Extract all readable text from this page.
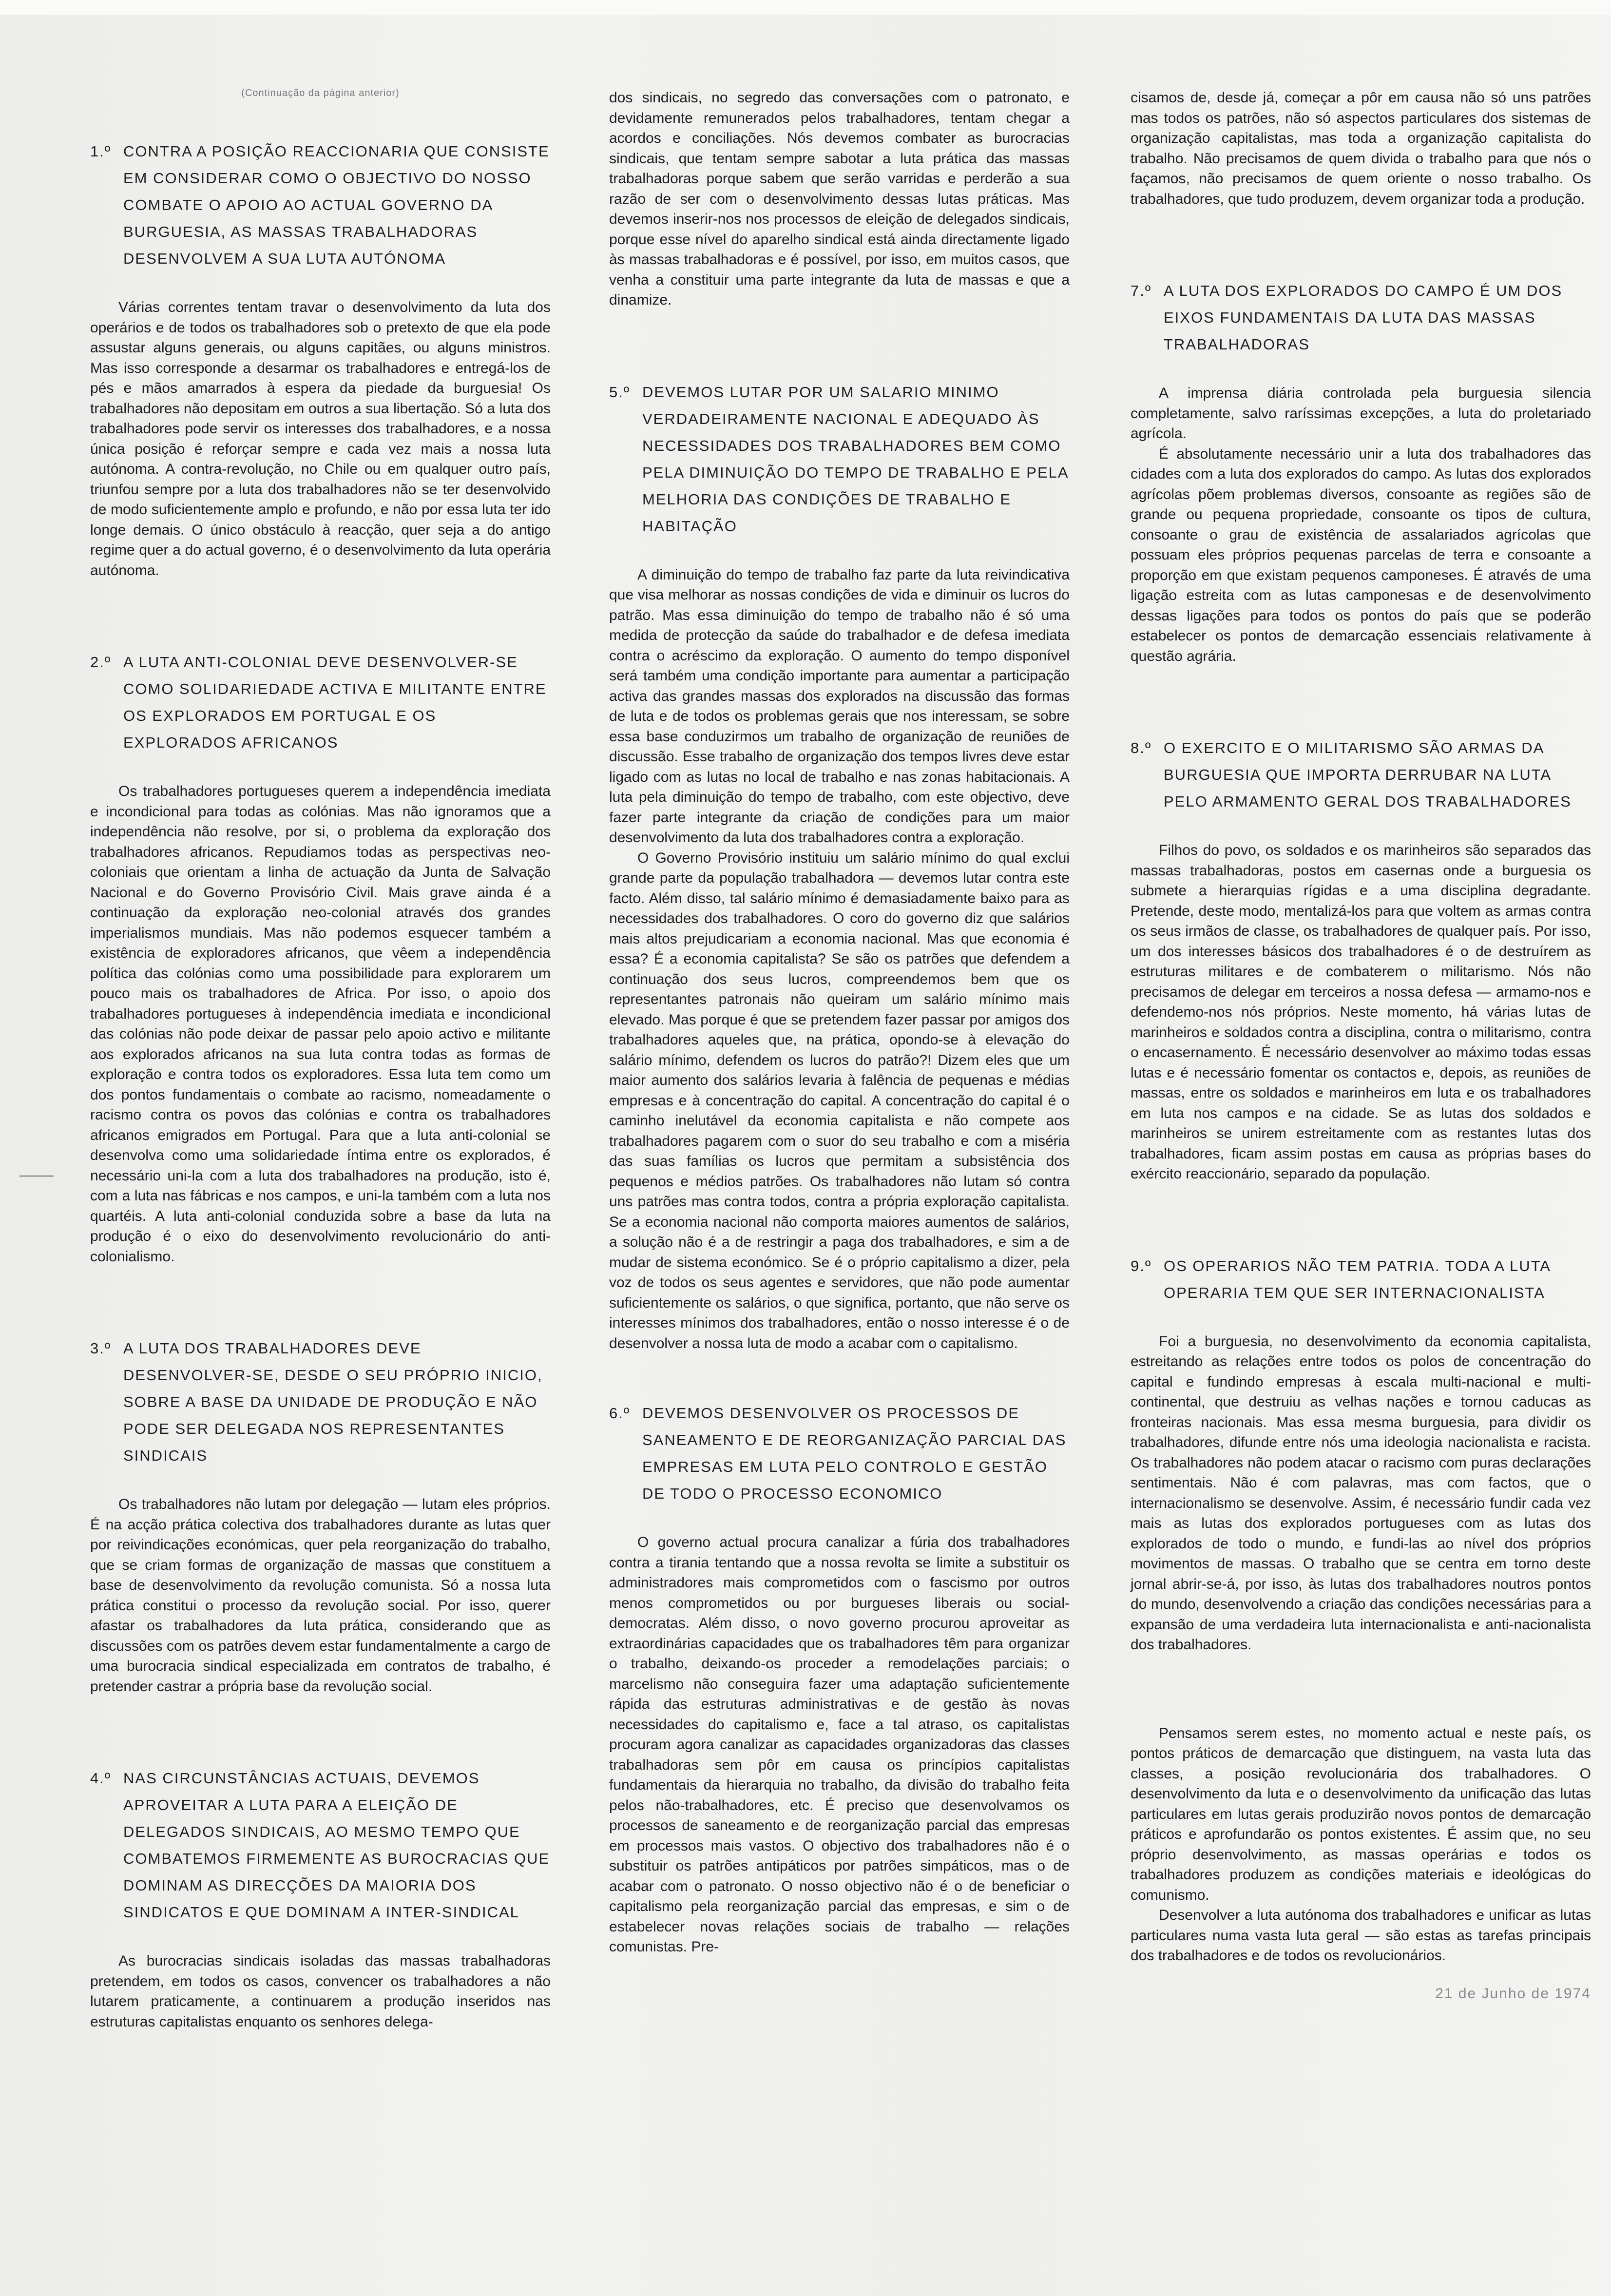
(Continuação da página anterior)

1.º CONTRA A POSIÇÃO REACCIONARIA QUE CONSISTE EM CONSIDERAR COMO O OBJECTIVO DO NOSSO COMBATE O APOIO AO ACTUAL GOVERNO DA BURGUESIA, AS MASSAS TRABALHADORAS DESENVOLVEM A SUA LUTA AUTÓNOMA

Várias correntes tentam travar o desenvolvimento da luta dos operários e de todos os trabalhadores sob o pretexto de que ela pode assustar alguns generais, ou alguns capitães, ou alguns ministros. Mas isso corresponde a desarmar os trabalhadores e entregá-los de pés e mãos amarrados à espera da piedade da burguesia! Os trabalhadores não depositam em outros a sua libertação. Só a luta dos trabalhadores pode servir os interesses dos trabalhadores, e a nossa única posição é reforçar sempre e cada vez mais a nossa luta autónoma. A contra-revolução, no Chile ou em qualquer outro país, triunfou sempre por a luta dos trabalhadores não se ter desenvolvido de modo suficientemente amplo e profundo, e não por essa luta ter ido longe demais. O único obstáculo à reacção, quer seja a do antigo regime quer a do actual governo, é o desenvolvimento da luta operária autónoma.

2.º A LUTA ANTI-COLONIAL DEVE DESENVOLVER-SE COMO SOLIDARIEDADE ACTIVA E MILITANTE ENTRE OS EXPLORADOS EM PORTUGAL E OS EXPLORADOS AFRICANOS

Os trabalhadores portugueses querem a independência imediata e incondicional para todas as colónias. Mas não ignoramos que a independência não resolve, por si, o problema da exploração dos trabalhadores africanos. Repudiamos todas as perspectivas neo-coloniais que orientam a linha de actuação da Junta de Salvação Nacional e do Governo Provisório Civil. Mais grave ainda é a continuação da exploração neo-colonial através dos grandes imperialismos mundiais. Mas não podemos esquecer também a existência de exploradores africanos, que vêem a independência política das colónias como uma possibilidade para explorarem um pouco mais os trabalhadores de Africa. Por isso, o apoio dos trabalhadores portugueses à independência imediata e incondicional das colónias não pode deixar de passar pelo apoio activo e militante aos explorados africanos na sua luta contra todas as formas de exploração e contra todos os exploradores. Essa luta tem como um dos pontos fundamentais o combate ao racismo, nomeadamente o racismo contra os povos das colónias e contra os trabalhadores africanos emigrados em Portugal. Para que a luta anti-colonial se desenvolva como uma solidariedade íntima entre os explorados, é necessário uni-la com a luta dos trabalhadores na produção, isto é, com a luta nas fábricas e nos campos, e uni-la também com a luta nos quartéis. A luta anti-colonial conduzida sobre a base da luta na produção é o eixo do desenvolvimento revolucionário do anti-colonialismo.

3.º A LUTA DOS TRABALHADORES DEVE DESENVOLVER-SE, DESDE O SEU PRÓPRIO INICIO, SOBRE A BASE DA UNIDADE DE PRODUÇÃO E NÃO PODE SER DELEGADA NOS REPRESENTANTES SINDICAIS

Os trabalhadores não lutam por delegação — lutam eles próprios. É na acção prática colectiva dos trabalhadores durante as lutas quer por reivindicações económicas, quer pela reorganização do trabalho, que se criam formas de organização de massas que constituem a base de desenvolvimento da revolução comunista. Só a nossa luta prática constitui o processo da revolução social. Por isso, querer afastar os trabalhadores da luta prática, considerando que as discussões com os patrões devem estar fundamentalmente a cargo de uma burocracia sindical especializada em contratos de trabalho, é pretender castrar a própria base da revolução social.

4.º NAS CIRCUNSTÂNCIAS ACTUAIS, DEVEMOS APROVEITAR A LUTA PARA A ELEIÇÃO DE DELEGADOS SINDICAIS, AO MESMO TEMPO QUE COMBATEMOS FIRMEMENTE AS BUROCRACIAS QUE DOMINAM AS DIRECÇÕES DA MAIORIA DOS SINDICATOS E QUE DOMINAM A INTER-SINDICAL

As burocracias sindicais isoladas das massas trabalhadoras pretendem, em todos os casos, convencer os trabalhadores a não lutarem praticamente, a continuarem a produção inseridos nas estruturas capitalistas enquanto os senhores delega-

dos sindicais, no segredo das conversações com o patronato, e devidamente remunerados pelos trabalhadores, tentam chegar a acordos e conciliações. Nós devemos combater as burocracias sindicais, que tentam sempre sabotar a luta prática das massas trabalhadoras porque sabem que serão varridas e perderão a sua razão de ser com o desenvolvimento dessas lutas práticas. Mas devemos inserir-nos nos processos de eleição de delegados sindicais, porque esse nível do aparelho sindical está ainda directamente ligado às massas trabalhadoras e é possível, por isso, em muitos casos, que venha a constituir uma parte integrante da luta de massas e que a dinamize.

5.º DEVEMOS LUTAR POR UM SALARIO MINIMO VERDADEIRAMENTE NACIONAL E ADEQUADO ÀS NECESSIDADES DOS TRABALHADORES BEM COMO PELA DIMINUIÇÃO DO TEMPO DE TRABALHO E PELA MELHORIA DAS CONDIÇÕES DE TRABALHO E HABITAÇÃO

A diminuição do tempo de trabalho faz parte da luta reivindicativa que visa melhorar as nossas condições de vida e diminuir os lucros do patrão. Mas essa diminuição do tempo de trabalho não é só uma medida de protecção da saúde do trabalhador e de defesa imediata contra o acréscimo da exploração. O aumento do tempo disponível será também uma condição importante para aumentar a participação activa das grandes massas dos explorados na discussão das formas de luta e de todos os problemas gerais que nos interessam, se sobre essa base conduzirmos um trabalho de organização de reuniões de discussão. Esse trabalho de organização dos tempos livres deve estar ligado com as lutas no local de trabalho e nas zonas habitacionais. A luta pela diminuição do tempo de trabalho, com este objectivo, deve fazer parte integrante da criação de condições para um maior desenvolvimento da luta dos trabalhadores contra a exploração.

O Governo Provisório instituiu um salário mínimo do qual exclui grande parte da população trabalhadora — devemos lutar contra este facto. Além disso, tal salário mínimo é demasiadamente baixo para as necessidades dos trabalhadores. O coro do governo diz que salários mais altos prejudicariam a economia nacional. Mas que economia é essa? É a economia capitalista? Se são os patrões que defendem a continuação dos seus lucros, compreendemos bem que os representantes patronais não queiram um salário mínimo mais elevado. Mas porque é que se pretendem fazer passar por amigos dos trabalhadores aqueles que, na prática, opondo-se à elevação do salário mínimo, defendem os lucros do patrão?! Dizem eles que um maior aumento dos salários levaria à falência de pequenas e médias empresas e à concentração do capital. A concentração do capital é o caminho inelutável da economia capitalista e não compete aos trabalhadores pagarem com o suor do seu trabalho e com a miséria das suas famílias os lucros que permitam a subsistência dos pequenos e médios patrões. Os trabalhadores não lutam só contra uns patrões mas contra todos, contra a própria exploração capitalista. Se a economia nacional não comporta maiores aumentos de salários, a solução não é a de restringir a paga dos trabalhadores, e sim a de mudar de sistema económico. Se é o próprio capitalismo a dizer, pela voz de todos os seus agentes e servidores, que não pode aumentar suficientemente os salários, o que significa, portanto, que não serve os interesses mínimos dos trabalhadores, então o nosso interesse é o de desenvolver a nossa luta de modo a acabar com o capitalismo.

6.º DEVEMOS DESENVOLVER OS PROCESSOS DE SANEAMENTO E DE REORGANIZAÇÃO PARCIAL DAS EMPRESAS EM LUTA PELO CONTROLO E GESTÃO DE TODO O PROCESSO ECONOMICO

O governo actual procura canalizar a fúria dos trabalhadores contra a tirania tentando que a nossa revolta se limite a substituir os administradores mais comprometidos com o fascismo por outros menos comprometidos ou por burgueses liberais ou social-democratas. Além disso, o novo governo procurou aproveitar as extraordinárias capacidades que os trabalhadores têm para organizar o trabalho, deixando-os proceder a remodelações parciais; o marcelismo não conseguira fazer uma adaptação suficientemente rápida das estruturas administrativas e de gestão às novas necessidades do capitalismo e, face a tal atraso, os capitalistas procuram agora canalizar as capacidades organizadoras das classes trabalhadoras sem pôr em causa os princípios capitalistas fundamentais da hierarquia no trabalho, da divisão do trabalho feita pelos não-trabalhadores, etc. É preciso que desenvolvamos os processos de saneamento e de reorganização parcial das empresas em processos mais vastos. O objectivo dos trabalhadores não é o substituir os patrões antipáticos por patrões simpáticos, mas o de acabar com o patronato. O nosso objectivo não é o de beneficiar o capitalismo pela reorganização parcial das empresas, e sim o de estabelecer novas relações sociais de trabalho — relações comunistas. Pre-

cisamos de, desde já, começar a pôr em causa não só uns patrões mas todos os patrões, não só aspectos particulares dos sistemas de organização capitalistas, mas toda a organização capitalista do trabalho. Não precisamos de quem divida o trabalho para que nós o façamos, não precisamos de quem oriente o nosso trabalho. Os trabalhadores, que tudo produzem, devem organizar toda a produção.

7.º A LUTA DOS EXPLORADOS DO CAMPO É UM DOS EIXOS FUNDAMENTAIS DA LUTA DAS MASSAS TRABALHADORAS

A imprensa diária controlada pela burguesia silencia completamente, salvo raríssimas excepções, a luta do proletariado agrícola.

É absolutamente necessário unir a luta dos trabalhadores das cidades com a luta dos explorados do campo. As lutas dos explorados agrícolas põem problemas diversos, consoante as regiões são de grande ou pequena propriedade, consoante os tipos de cultura, consoante o grau de existência de assalariados agrícolas que possuam eles próprios pequenas parcelas de terra e consoante a proporção em que existam pequenos camponeses. É através de uma ligação estreita com as lutas camponesas e de desenvolvimento dessas ligações para todos os pontos do país que se poderão estabelecer os pontos de demarcação essenciais relativamente à questão agrária.

8.º O EXERCITO E O MILITARISMO SÃO ARMAS DA BURGUESIA QUE IMPORTA DERRUBAR NA LUTA PELO ARMAMENTO GERAL DOS TRABALHADORES

Filhos do povo, os soldados e os marinheiros são separados das massas trabalhadoras, postos em casernas onde a burguesia os submete a hierarquias rígidas e a uma disciplina degradante. Pretende, deste modo, mentalizá-los para que voltem as armas contra os seus irmãos de classe, os trabalhadores de qualquer país. Por isso, um dos interesses básicos dos trabalhadores é o de destruírem as estruturas militares e de combaterem o militarismo. Nós não precisamos de delegar em terceiros a nossa defesa — armamo-nos e defendemo-nos nós próprios. Neste momento, há várias lutas de marinheiros e soldados contra a disciplina, contra o militarismo, contra o encasernamento. É necessário desenvolver ao máximo todas essas lutas e é necessário fomentar os contactos e, depois, as reuniões de massas, entre os soldados e marinheiros em luta e os trabalhadores em luta nos campos e na cidade. Se as lutas dos soldados e marinheiros se unirem estreitamente com as restantes lutas dos trabalhadores, ficam assim postas em causa as próprias bases do exército reaccionário, separado da população.

9.º OS OPERARIOS NÃO TEM PATRIA. TODA A LUTA OPERARIA TEM QUE SER INTERNACIONALISTA

Foi a burguesia, no desenvolvimento da economia capitalista, estreitando as relações entre todos os polos de concentração do capital e fundindo empresas à escala multi-nacional e multi-continental, que destruiu as velhas nações e tornou caducas as fronteiras nacionais. Mas essa mesma burguesia, para dividir os trabalhadores, difunde entre nós uma ideologia nacionalista e racista. Os trabalhadores não podem atacar o racismo com puras declarações sentimentais. Não é com palavras, mas com factos, que o internacionalismo se desenvolve. Assim, é necessário fundir cada vez mais as lutas dos explorados portugueses com as lutas dos explorados de todo o mundo, e fundi-las ao nível dos próprios movimentos de massas. O trabalho que se centra em torno deste jornal abrir-se-á, por isso, às lutas dos trabalhadores noutros pontos do mundo, desenvolvendo a criação das condições necessárias para a expansão de uma verdadeira luta internacionalista e anti-nacionalista dos trabalhadores.

Pensamos serem estes, no momento actual e neste país, os pontos práticos de demarcação que distinguem, na vasta luta das classes, a posição revolucionária dos trabalhadores. O desenvolvimento da luta e o desenvolvimento da unificação das lutas particulares em lutas gerais produzirão novos pontos de demarcação práticos e aprofundarão os pontos existentes. É assim que, no seu próprio desenvolvimento, as massas operárias e todos os trabalhadores produzem as condições materiais e ideológicas do comunismo.

Desenvolver a luta autónoma dos trabalhadores e unificar as lutas particulares numa vasta luta geral — são estas as tarefas principais dos trabalhadores e de todos os revolucionários.

21 de Junho de 1974
